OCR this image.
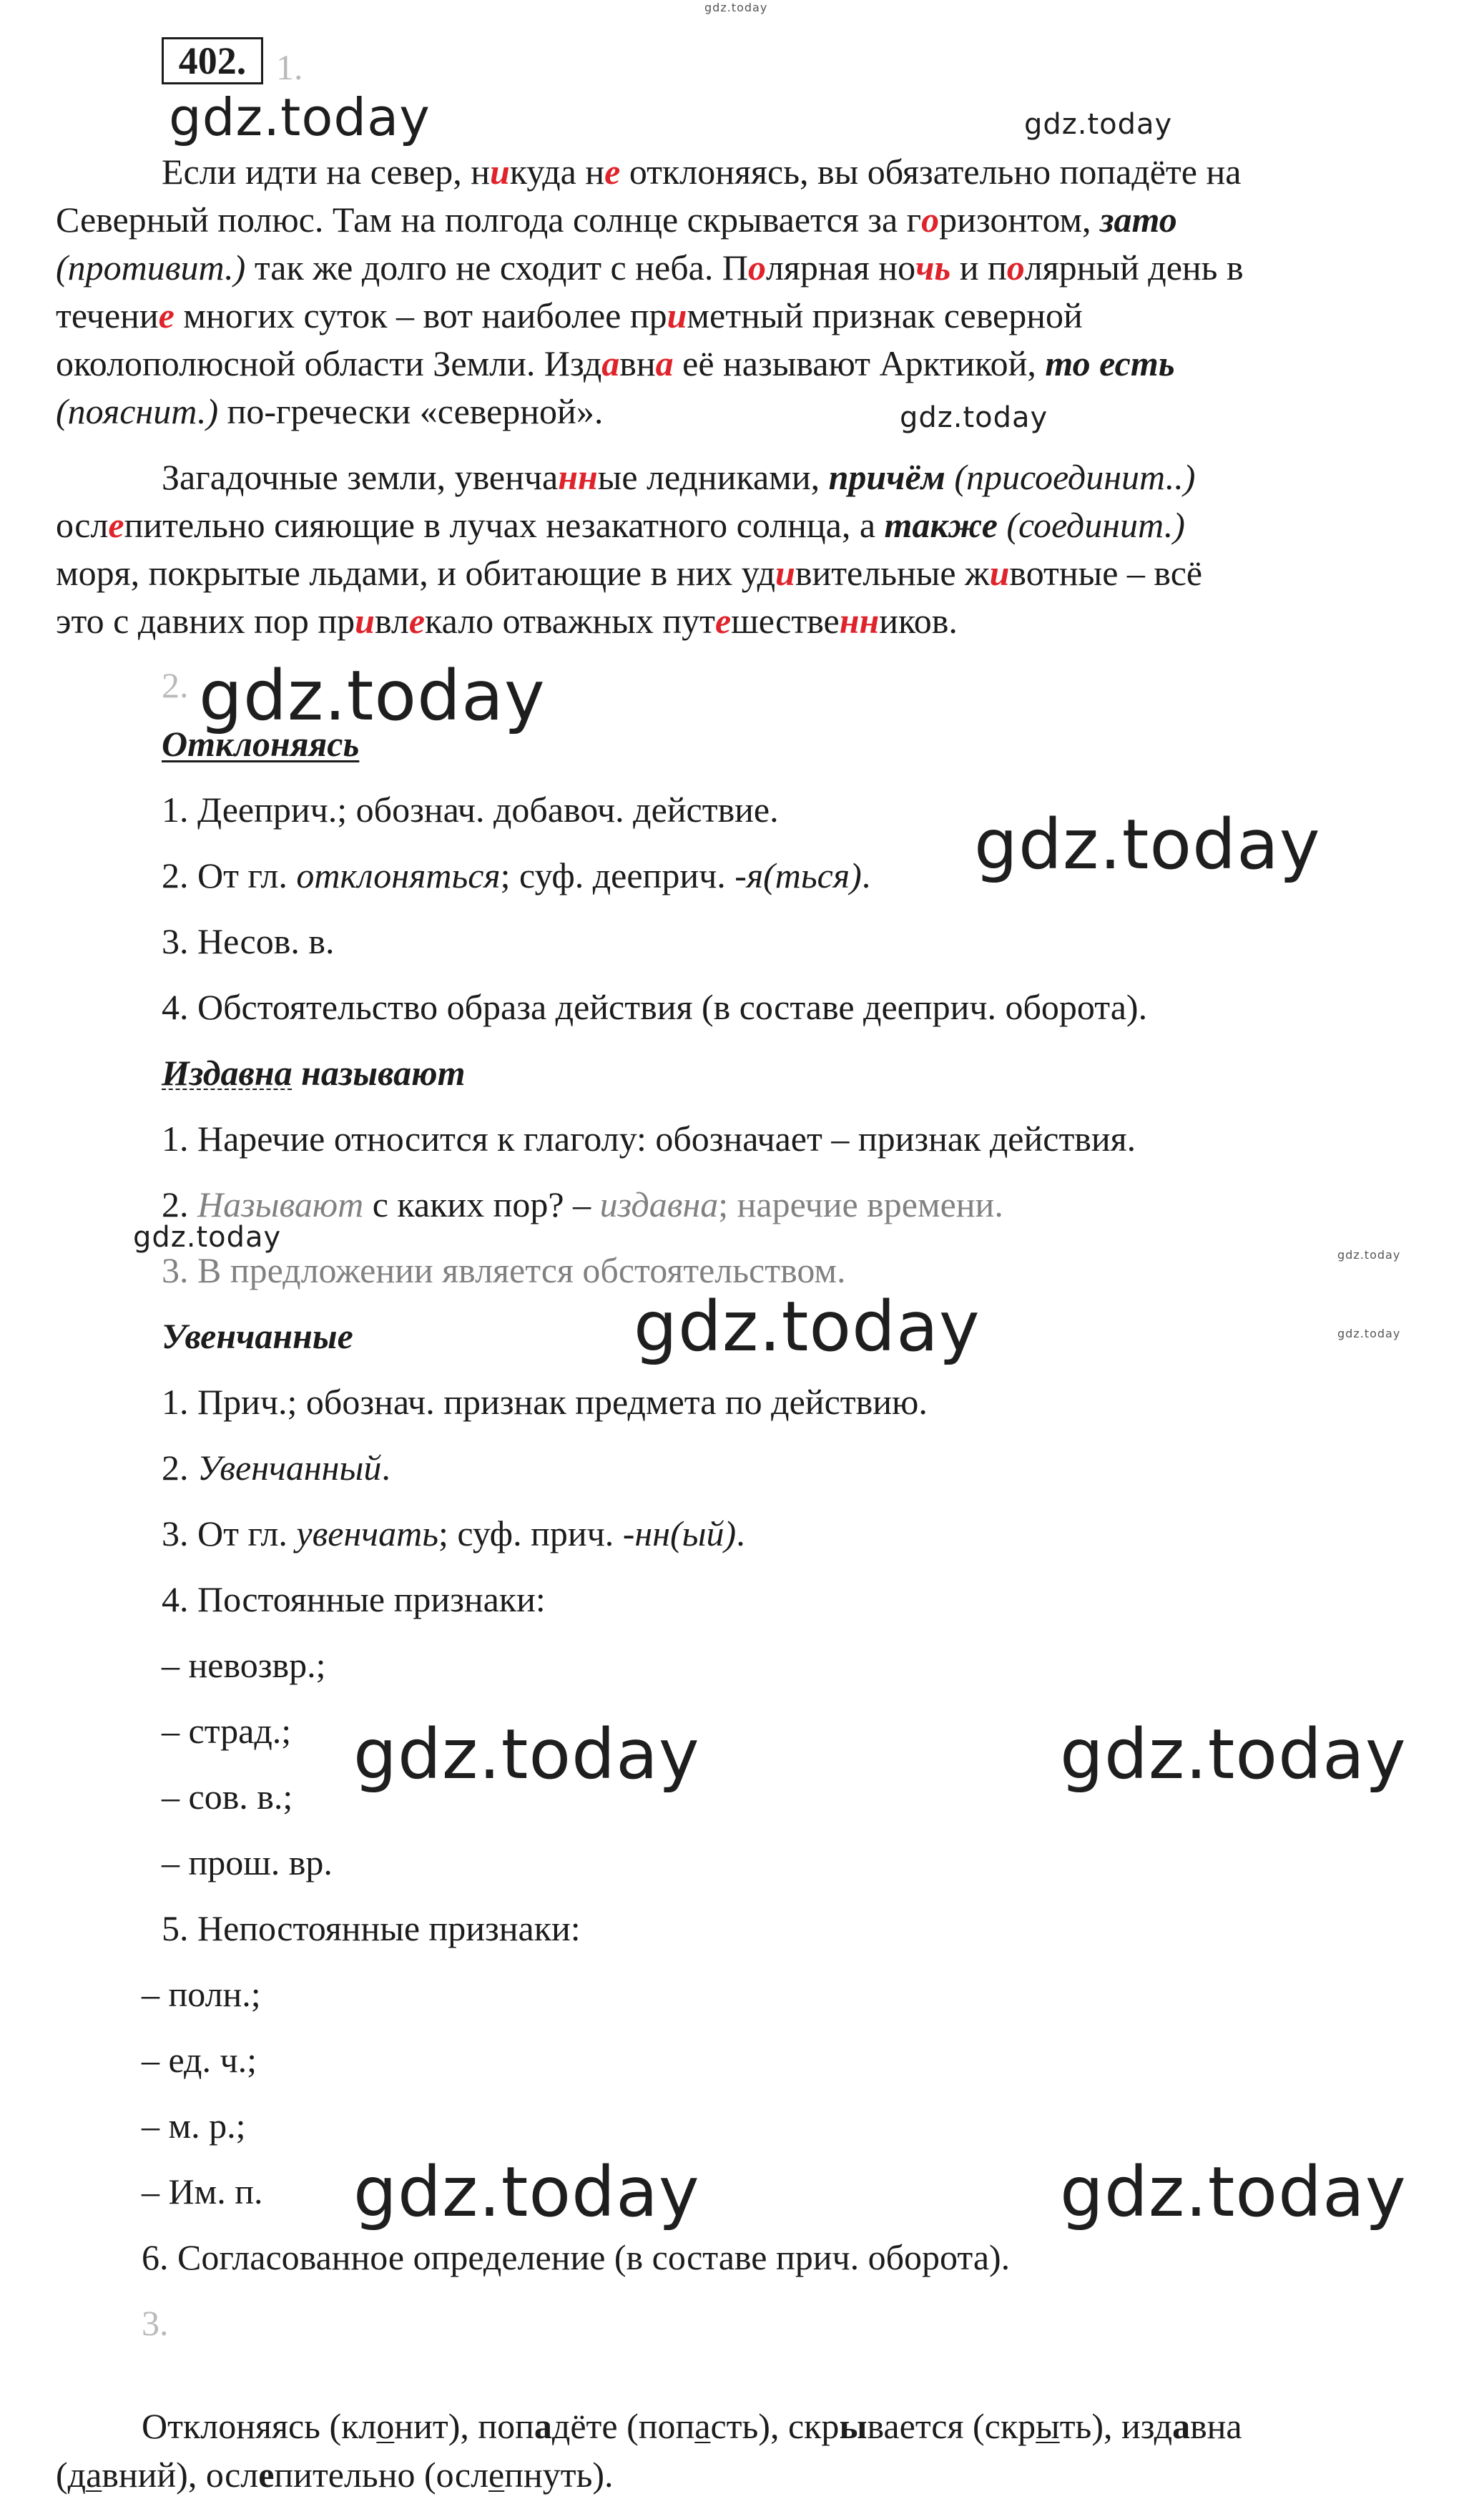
402. 1.
gdz.today
Если идти на север, никуда не отклоняясь, вы обязательно попадёте на
Северный полюс. Там на полгода солнце скрывается за горизонтом, зато
(противит.) так же долго не сходит с неба. Полярная ночь и полярный день в
течение многих суток – вот наиболее приметный признак северной
околополюсной области Земли. Издавна её называют Арктикой, то есть
(пояснит.) по-гречески «северной».
Загадочные земли, увенчанные ледниками, причём (присоединит..)
ослепительно сияющие в лучах незакатного солнца, а также (соединит.)
моря, покрытые льдами, и обитающие в них удивительные животные – всё
это с давних пор привлекало отважных путешественников.
2.
Отклоняясь
1. Дееприч.; обознач. добавоч. действие.
2. От гл. отклоняться; суф. дееприч. -я(ться).
3. Несов. в.
4. Обстоятельство образа действия (в составе дееприч. оборота).
Издавна называют
1. Наречие относится к глаголу: обозначает – признак действия.
2. Называют с каких пор? – издавна; наречие времени.
3. В предложении является обстоятельством.
Увенчанные
1. Прич.; обознач. признак предмета по действию.
2. Увенчанный.
3. От гл. увенчать; суф. прич. -нн(ый).
4. Постоянные признаки:
– невозвр.;
– страд.;
– сов. в.;
– прош. вр.
5. Непостоянные признаки:
– полн.;
– ед. ч.;
– м. р.;
– Им. п.
6. Согласованное определение (в составе прич. оборота).
3.
Отклоняясь (клонит), попадёте (попасть), скрывается (скрыть), издавна
(давний), ослепительно (ослепнуть).
gdz.today	gdz.today
gdz.today
gdz.today
gdz.today
gdz.today
gdz.today
gdz.today	gdz.today
gdz.today	gdz.today
gdz.today	gdz.today
